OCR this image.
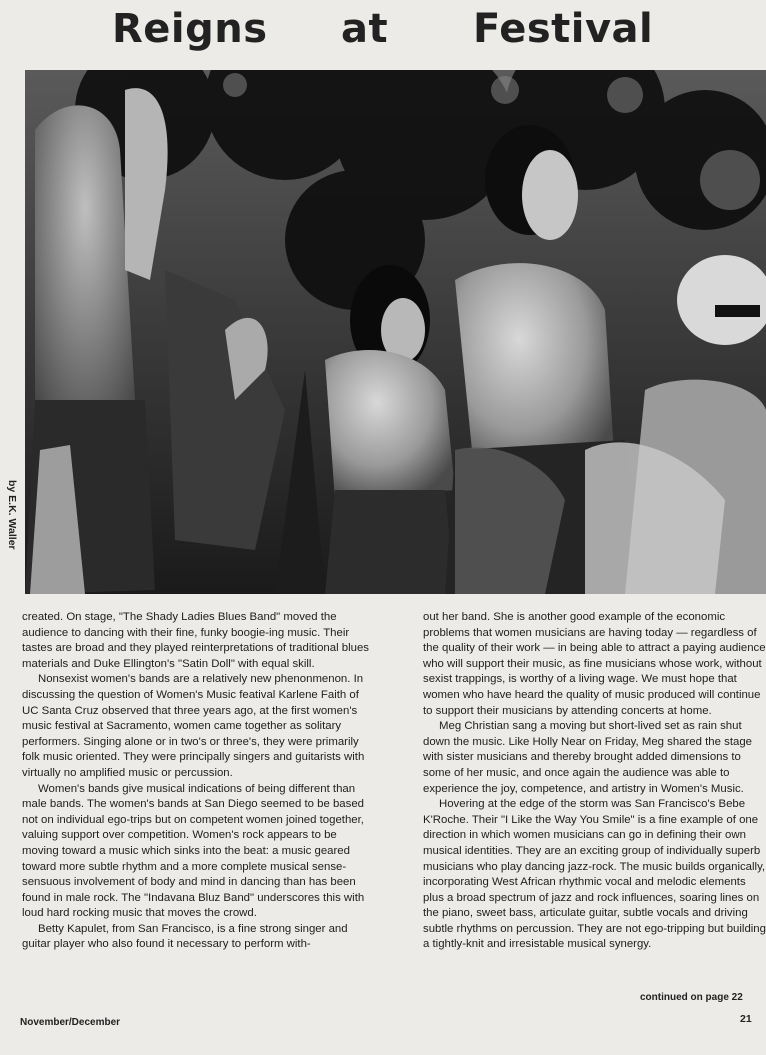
Reigns at Festival
by E.K. Waller

created. On stage, "The Shady Ladies Blues Band" moved the audience to dancing with their fine, funky boogie-ing music. Their tastes are broad and they played reinterpretations of traditional blues materials and Duke Ellington's "Satin Doll" with equal skill.

Nonsexist women's bands are a relatively new phenonmenon. In discussing the question of Women's Music featival Karlene Faith of UC Santa Cruz observed that three years ago, at the first women's music festival at Sacramento, women came together as solitary performers. Singing alone or in two's or three's, they were primarily folk music oriented. They were principally singers and guitarists with virtually no amplified music or percussion.

Women's bands give musical indications of being different than male bands. The women's bands at San Diego seemed to be based not on individual ego-trips but on competent women joined together, valuing support over competition. Women's rock appears to be moving toward a music which sinks into the beat: a music geared toward more subtle rhythm and a more complete musical sense-sensuous involvement of body and mind in dancing than has been found in male rock. The "Indavana Bluz Band" underscores this with loud hard rocking music that moves the crowd.

Betty Kapulet, from San Francisco, is a fine strong singer and guitar player who also found it necessary to perform with-

out her band. She is another good example of the economic problems that women musicians are having today — regardless of the quality of their work — in being able to attract a paying audience who will support their music, as fine musicians whose work, without sexist trappings, is worthy of a living wage. We must hope that women who have heard the quality of music produced will continue to support their musicians by attending concerts at home.

Meg Christian sang a moving but short-lived set as rain shut down the music. Like Holly Near on Friday, Meg shared the stage with sister musicians and thereby brought added dimensions to some of her music, and once again the audience was able to experience the joy, competence, and artistry in Women's Music.

Hovering at the edge of the storm was San Francisco's Bebe K'Roche. Their "I Like the Way You Smile" is a fine example of one direction in which women musicians can go in defining their own musical identities. They are an exciting group of individually superb musicians who play dancing jazz-rock. The music builds organically, incorporating West African rhythmic vocal and melodic elements plus a broad spectrum of jazz and rock influences, soaring lines on the piano, sweet bass, articulate guitar, subtle vocals and driving subtle rhythms on percussion. They are not ego-tripping but building a tightly-knit and irresistable musical synergy.

continued on page 22
November/December	21
